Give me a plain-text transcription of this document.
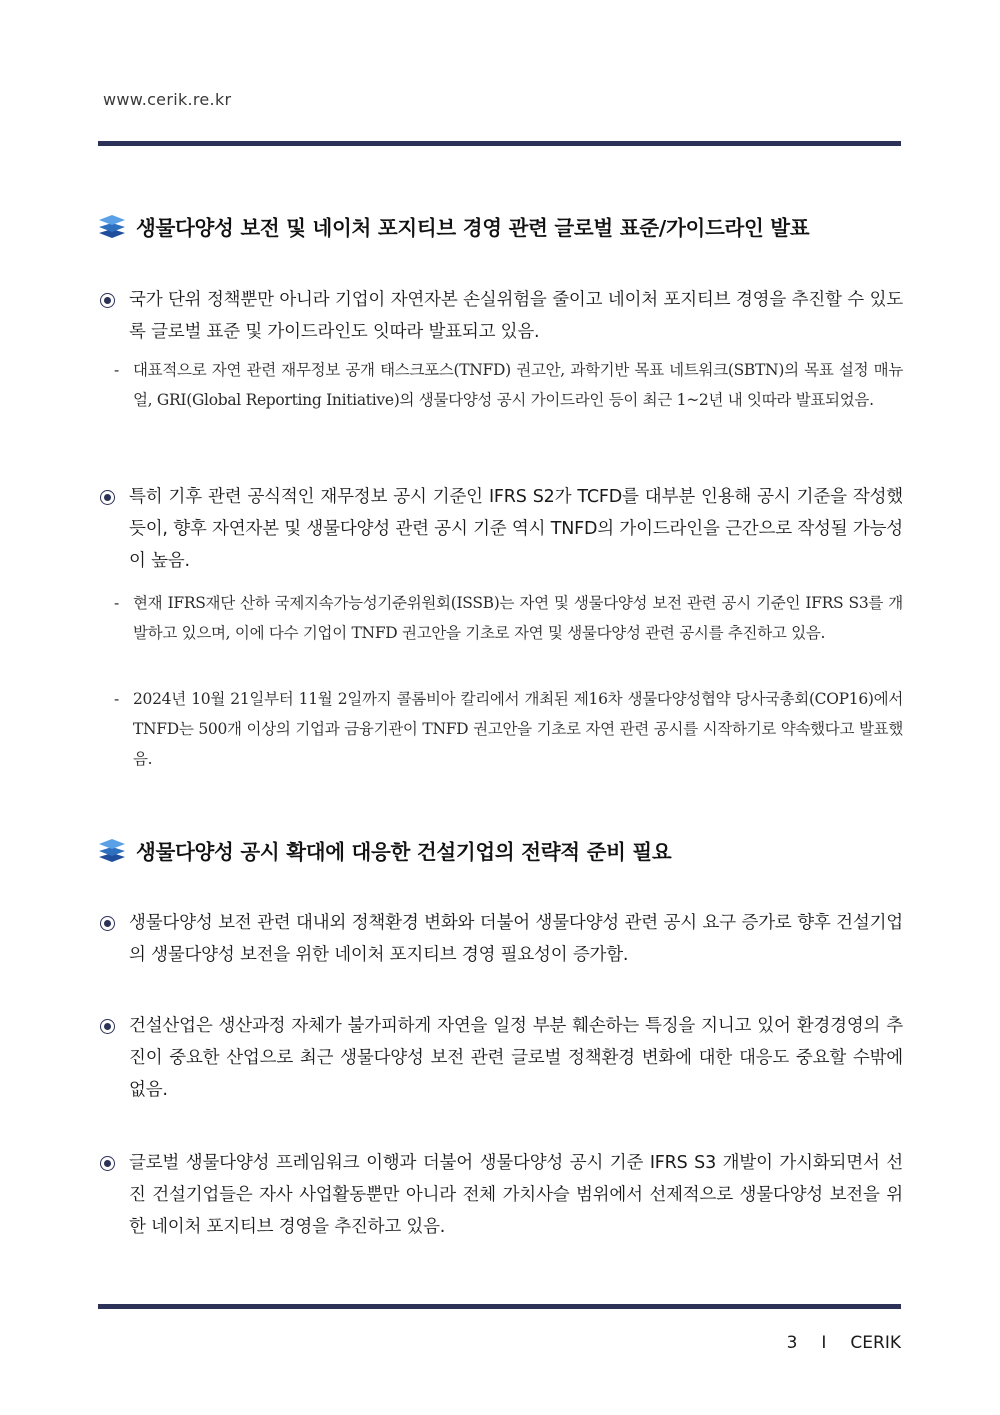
www.cerik.re.kr
생물다양성 보전 및 네이처 포지티브 경영 관련 글로벌 표준/가이드라인 발표
국가 단위 정책뿐만 아니라 기업이 자연자본 손실위험을 줄이고 네이처 포지티브 경영을 추진할 수 있도록 글로벌 표준 및 가이드라인도 잇따라 발표되고 있음.
- 대표적으로 자연 관련 재무정보 공개 태스크포스(TNFD) 권고안, 과학기반 목표 네트워크(SBTN)의 목표 설정 매뉴얼, GRI(Global Reporting Initiative)의 생물다양성 공시 가이드라인 등이 최근 1~2년 내 잇따라 발표되었음.
특히 기후 관련 공식적인 재무정보 공시 기준인 IFRS S2가 TCFD를 대부분 인용해 공시 기준을 작성했듯이, 향후 자연자본 및 생물다양성 관련 공시 기준 역시 TNFD의 가이드라인을 근간으로 작성될 가능성이 높음.
- 현재 IFRS재단 산하 국제지속가능성기준위원회(ISSB)는 자연 및 생물다양성 보전 관련 공시 기준인 IFRS S3를 개발하고 있으며, 이에 다수 기업이 TNFD 권고안을 기초로 자연 및 생물다양성 관련 공시를 추진하고 있음.
- 2024년 10월 21일부터 11월 2일까지 콜롬비아 칼리에서 개최된 제16차 생물다양성협약 당사국총회(COP16)에서 TNFD는 500개 이상의 기업과 금융기관이 TNFD 권고안을 기초로 자연 관련 공시를 시작하기로 약속했다고 발표했음.
생물다양성 공시 확대에 대응한 건설기업의 전략적 준비 필요
생물다양성 보전 관련 대내외 정책환경 변화와 더불어 생물다양성 관련 공시 요구 증가로 향후 건설기업의 생물다양성 보전을 위한 네이처 포지티브 경영 필요성이 증가함.
건설산업은 생산과정 자체가 불가피하게 자연을 일정 부분 훼손하는 특징을 지니고 있어 환경경영의 추진이 중요한 산업으로 최근 생물다양성 보전 관련 글로벌 정책환경 변화에 대한 대응도 중요할 수밖에 없음.
글로벌 생물다양성 프레임워크 이행과 더불어 생물다양성 공시 기준 IFRS S3 개발이 가시화되면서 선진 건설기업들은 자사 사업활동뿐만 아니라 전체 가치사슬 범위에서 선제적으로 생물다양성 보전을 위한 네이처 포지티브 경영을 추진하고 있음.
3 I CERIK
